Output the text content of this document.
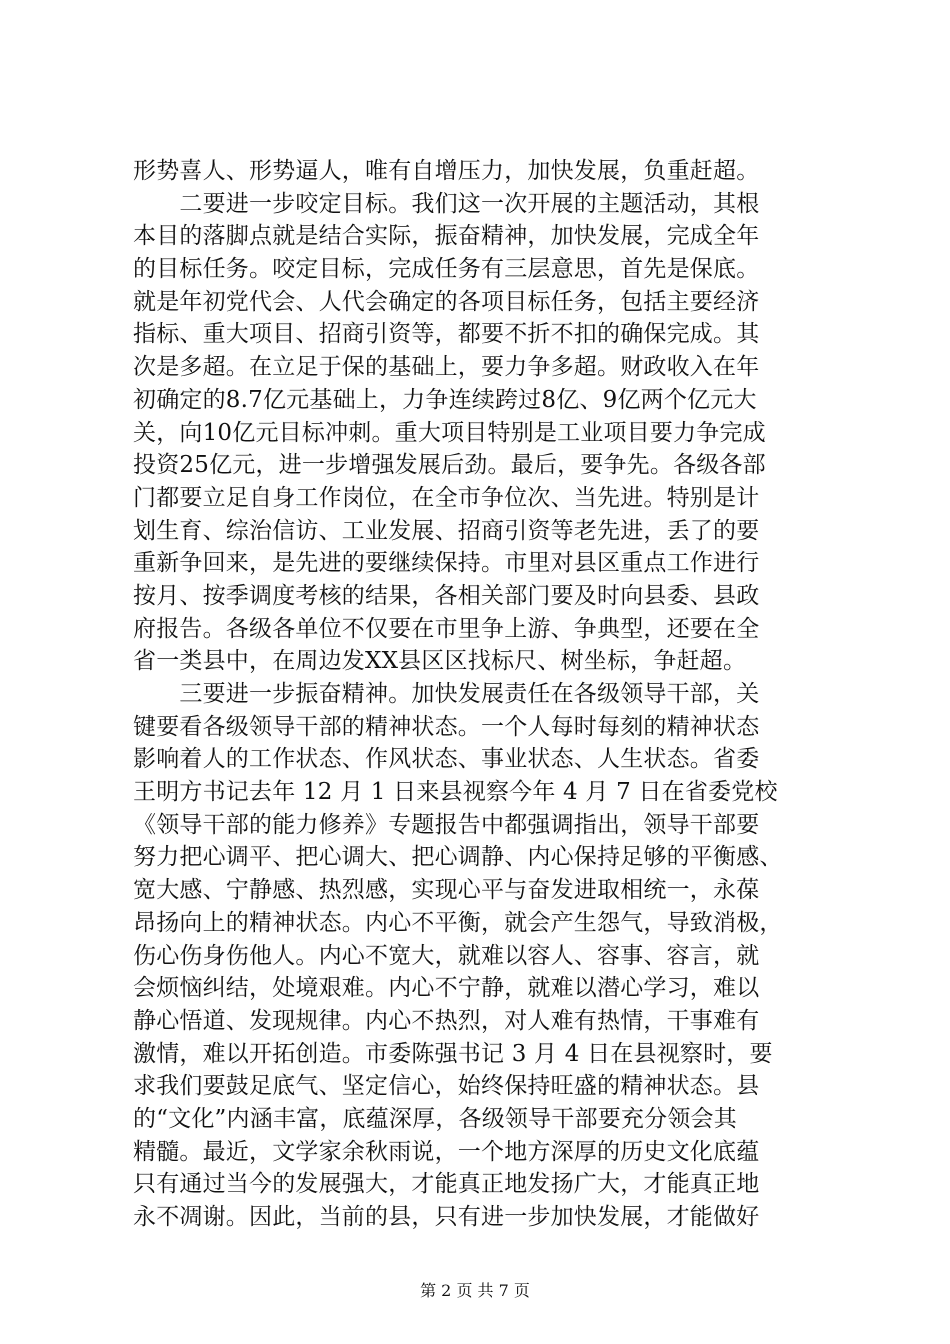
形势喜人、形势逼人，唯有自增压力，加快发展，负重赶超。
　　二要进一步咬定目标。我们这一次开展的主题活动，其根
本目的落脚点就是结合实际，振奋精神，加快发展，完成全年
的目标任务。咬定目标，完成任务有三层意思，首先是保底。
就是年初党代会、人代会确定的各项目标任务，包括主要经济
指标、重大项目、招商引资等，都要不折不扣的确保完成。其
次是多超。在立足于保的基础上，要力争多超。财政收入在年
初确定的8.7亿元基础上，力争连续跨过8亿、9亿两个亿元大
关，向10亿元目标冲刺。重大项目特别是工业项目要力争完成
投资25亿元，进一步增强发展后劲。最后，要争先。各级各部
门都要立足自身工作岗位，在全市争位次、当先进。特别是计
划生育、综治信访、工业发展、招商引资等老先进，丢了的要
重新争回来，是先进的要继续保持。市里对县区重点工作进行
按月、按季调度考核的结果，各相关部门要及时向县委、县政
府报告。各级各单位不仅要在市里争上游、争典型，还要在全
省一类县中，在周边发XX县区区找标尺、树坐标，争赶超。
　　三要进一步振奋精神。加快发展责任在各级领导干部，关
键要看各级领导干部的精神状态。一个人每时每刻的精神状态
影响着人的工作状态、作风状态、事业状态、人生状态。省委
王明方书记去年 12 月 1 日来县视察今年 4 月 7 日在省委党校
《领导干部的能力修养》专题报告中都强调指出，领导干部要
努力把心调平、把心调大、把心调静、内心保持足够的平衡感、
宽大感、宁静感、热烈感，实现心平与奋发进取相统一，永葆
昂扬向上的精神状态。内心不平衡，就会产生怨气，导致消极，
伤心伤身伤他人。内心不宽大，就难以容人、容事、容言，就
会烦恼纠结，处境艰难。内心不宁静，就难以潜心学习，难以
静心悟道、发现规律。内心不热烈，对人难有热情，干事难有
激情，难以开拓创造。市委陈强书记 3 月 4 日在县视察时，要
求我们要鼓足底气、坚定信心，始终保持旺盛的精神状态。县
的“文化”内涵丰富，底蕴深厚，各级领导干部要充分领会其
精髓。最近，文学家余秋雨说，一个地方深厚的历史文化底蕴
只有通过当今的发展强大，才能真正地发扬广大，才能真正地
永不凋谢。因此，当前的县，只有进一步加快发展，才能做好
第 2 页 共 7 页
